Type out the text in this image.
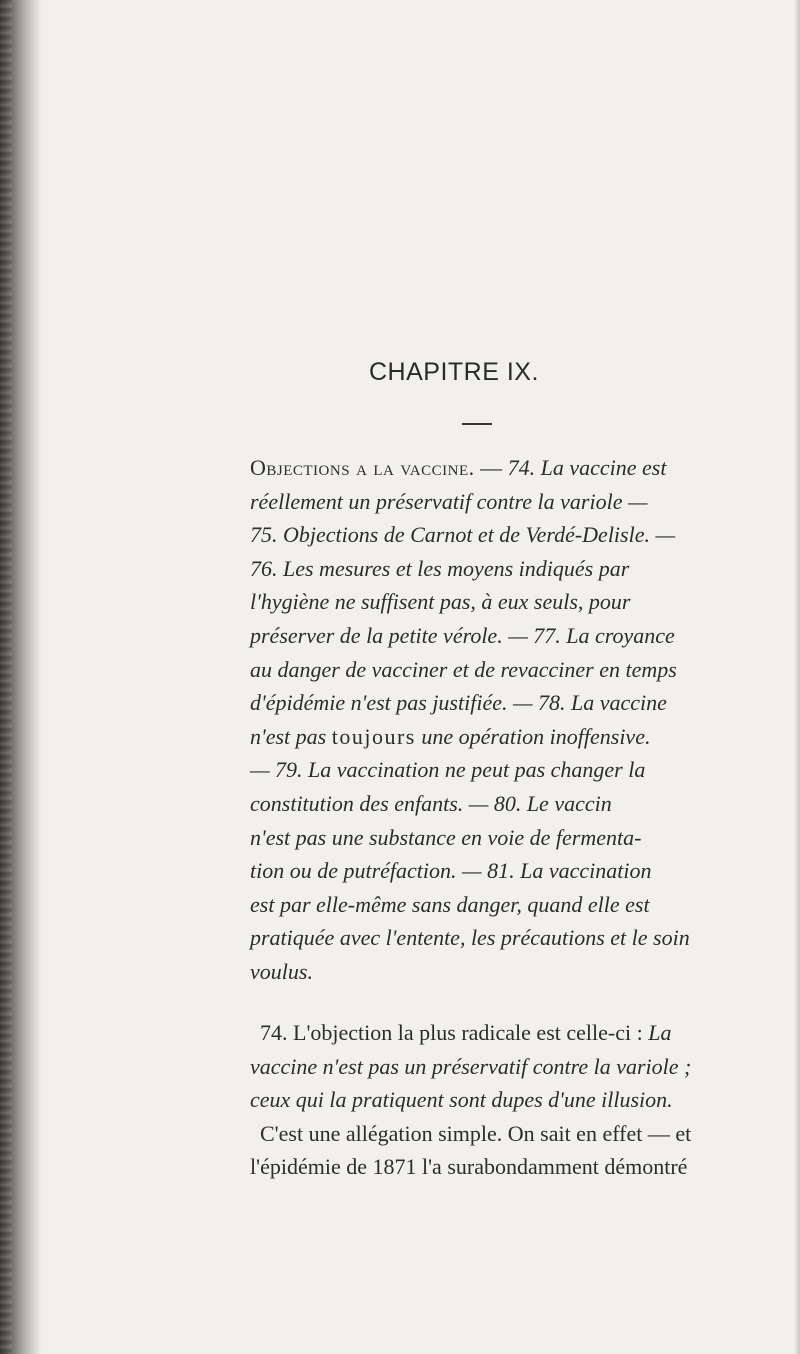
CHAPITRE IX.
Objections a la vaccine. — 74. La vaccine est
réellement un préservatif contre la variole —
75. Objections de Carnot et de Verdé-Delisle. —
76. Les mesures et les moyens indiqués par
l'hygiène ne suffisent pas, à eux seuls, pour
préserver de la petite vérole. — 77. La croyance
au danger de vacciner et de revacciner en temps
d'épidémie n'est pas justifiée. — 78. La vaccine
n'est pas toujours une opération inoffensive.
— 79. La vaccination ne peut pas changer la
constitution des enfants. — 80. Le vaccin
n'est pas une substance en voie de fermenta-
tion ou de putréfaction. — 81. La vaccination
est par elle-même sans danger, quand elle est
pratiquée avec l'entente, les précautions et le soin
voulus.
74. L'objection la plus radicale est celle-ci : La
vaccine n'est pas un préservatif contre la variole ;
ceux qui la pratiquent sont dupes d'une illusion.
C'est une allégation simple. On sait en effet — et
l'épidémie de 1871 l'a surabondamment démontré
